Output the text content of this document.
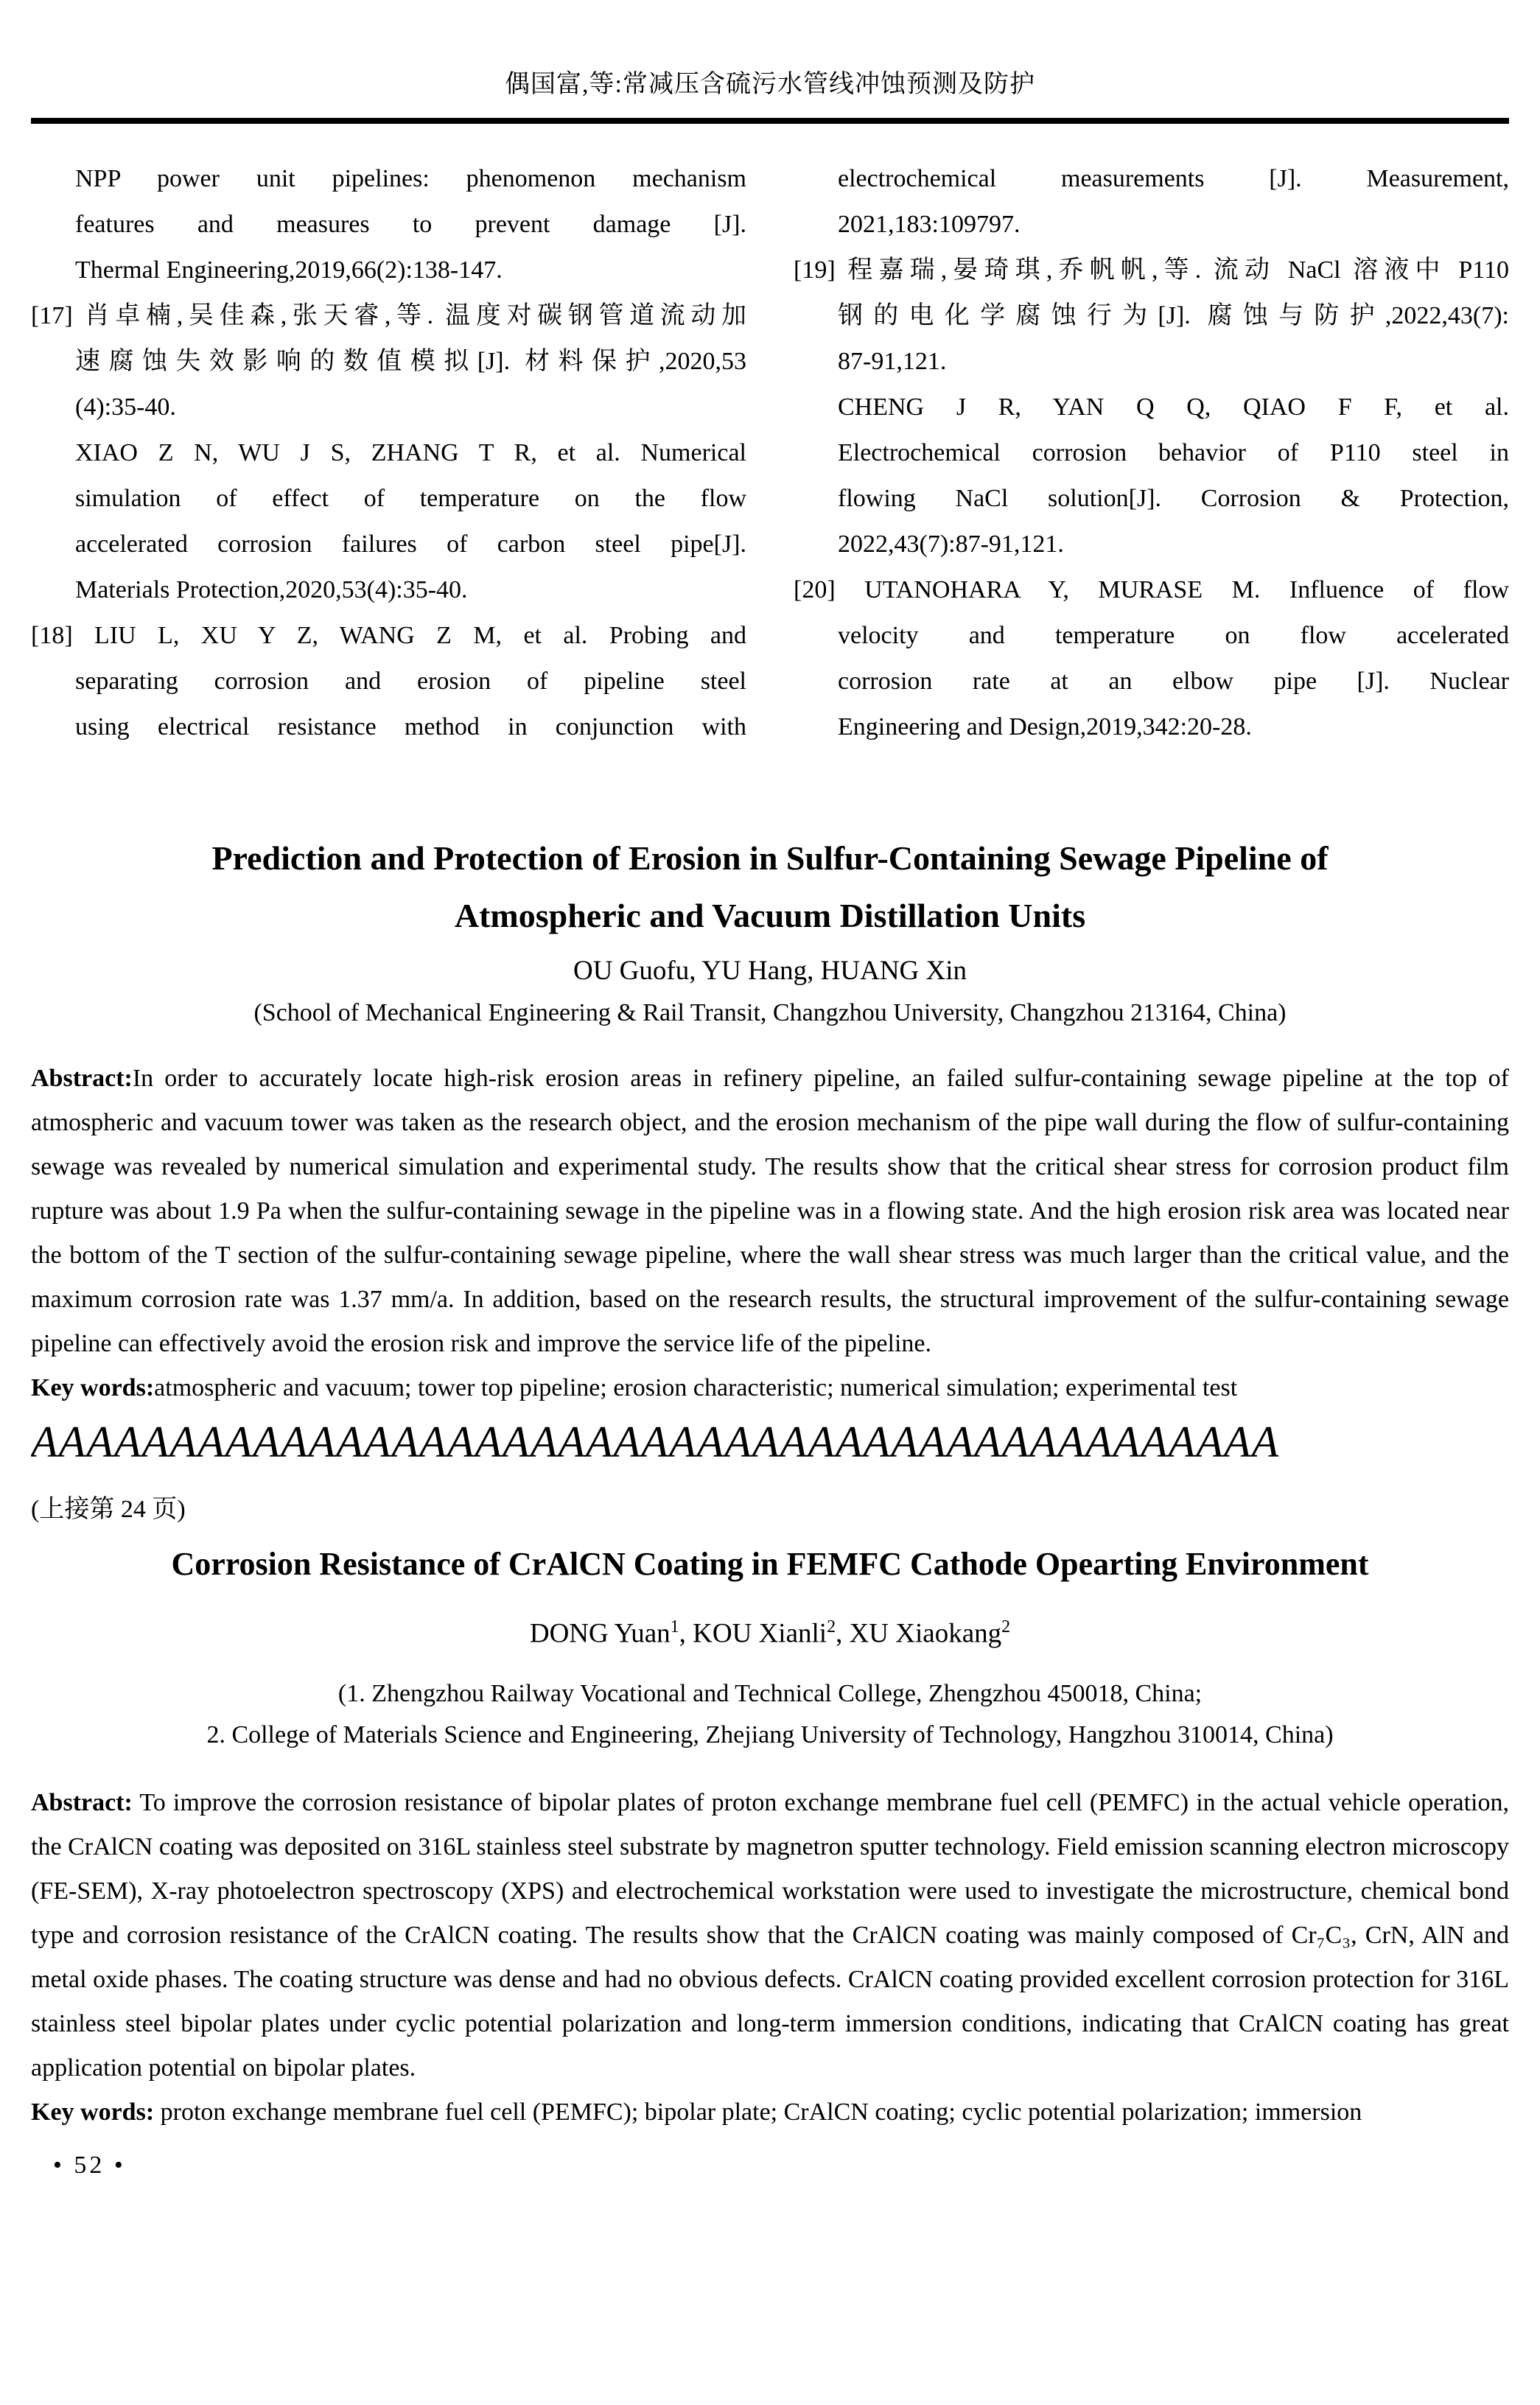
偶国富,等:常减压含硫污水管线冲蚀预测及防护
NPP power unit pipelines: phenomenon mechanism
features and measures to prevent damage [J].
Thermal Engineering,2019,66(2):138-147.
[17] 肖卓楠,吴佳森,张天睿,等. 温度对碳钢管道流动加
速腐蚀失效影响的数值模拟[J]. 材料保护,2020,53
(4):35-40.
XIAO Z N, WU J S, ZHANG T R, et al. Numerical
simulation of effect of temperature on the flow
accelerated corrosion failures of carbon steel pipe[J].
Materials Protection,2020,53(4):35-40.
[18] LIU L, XU Y Z, WANG Z M, et al. Probing and
separating corrosion and erosion of pipeline steel
using electrical resistance method in conjunction with
electrochemical measurements [J]. Measurement,
2021,183:109797.
[19] 程嘉瑞,晏琦琪,乔帆帆,等. 流动 NaCl 溶液中 P110
钢的电化学腐蚀行为[J]. 腐蚀与防护,2022,43(7):
87-91,121.
CHENG J R, YAN Q Q, QIAO F F, et al.
Electrochemical corrosion behavior of P110 steel in
flowing NaCl solution[J]. Corrosion & Protection,
2022,43(7):87-91,121.
[20] UTANOHARA Y, MURASE M. Influence of flow
velocity and temperature on flow accelerated
corrosion rate at an elbow pipe [J]. Nuclear
Engineering and Design,2019,342:20-28.
Prediction and Protection of Erosion in Sulfur-Containing Sewage Pipeline of
Atmospheric and Vacuum Distillation Units
OU Guofu, YU Hang, HUANG Xin
(School of Mechanical Engineering & Rail Transit, Changzhou University, Changzhou 213164, China)
Abstract:In order to accurately locate high-risk erosion areas in refinery pipeline, an failed sulfur-containing sewage pipeline at the top of atmospheric and vacuum tower was taken as the research object, and the erosion mechanism of the pipe wall during the flow of sulfur-containing sewage was revealed by numerical simulation and experimental study. The results show that the critical shear stress for corrosion product film rupture was about 1.9 Pa when the sulfur-containing sewage in the pipeline was in a flowing state. And the high erosion risk area was located near the bottom of the T section of the sulfur-containing sewage pipeline, where the wall shear stress was much larger than the critical value, and the maximum corrosion rate was 1.37 mm/a. In addition, based on the research results, the structural improvement of the sulfur-containing sewage pipeline can effectively avoid the erosion risk and improve the service life of the pipeline.
Key words:atmospheric and vacuum; tower top pipeline; erosion characteristic; numerical simulation; experimental test
AAAAAAAAAAAAAAAAAAAAAAAAAAAAAAAAAAAAAAAAAAAAA
(上接第 24 页)
Corrosion Resistance of CrAlCN Coating in FEMFC Cathode Opearting Environment
DONG Yuan$^1$, KOU Xianli$^2$, XU Xiaokang$^2$
(1. Zhengzhou Railway Vocational and Technical College, Zhengzhou 450018, China;
2. College of Materials Science and Engineering, Zhejiang University of Technology, Hangzhou 310014, China)
Abstract: To improve the corrosion resistance of bipolar plates of proton exchange membrane fuel cell (PEMFC) in the actual vehicle operation, the CrAlCN coating was deposited on 316L stainless steel substrate by magnetron sputter technology. Field emission scanning electron microscopy (FE-SEM), X-ray photoelectron spectroscopy (XPS) and electrochemical workstation were used to investigate the microstructure, chemical bond type and corrosion resistance of the CrAlCN coating. The results show that the CrAlCN coating was mainly composed of Cr₇C₃, CrN, AlN and metal oxide phases. The coating structure was dense and had no obvious defects. CrAlCN coating provided excellent corrosion protection for 316L stainless steel bipolar plates under cyclic potential polarization and long-term immersion conditions, indicating that CrAlCN coating has great application potential on bipolar plates.
Key words: proton exchange membrane fuel cell (PEMFC); bipolar plate; CrAlCN coating; cyclic potential polarization; immersion
• 52 •
